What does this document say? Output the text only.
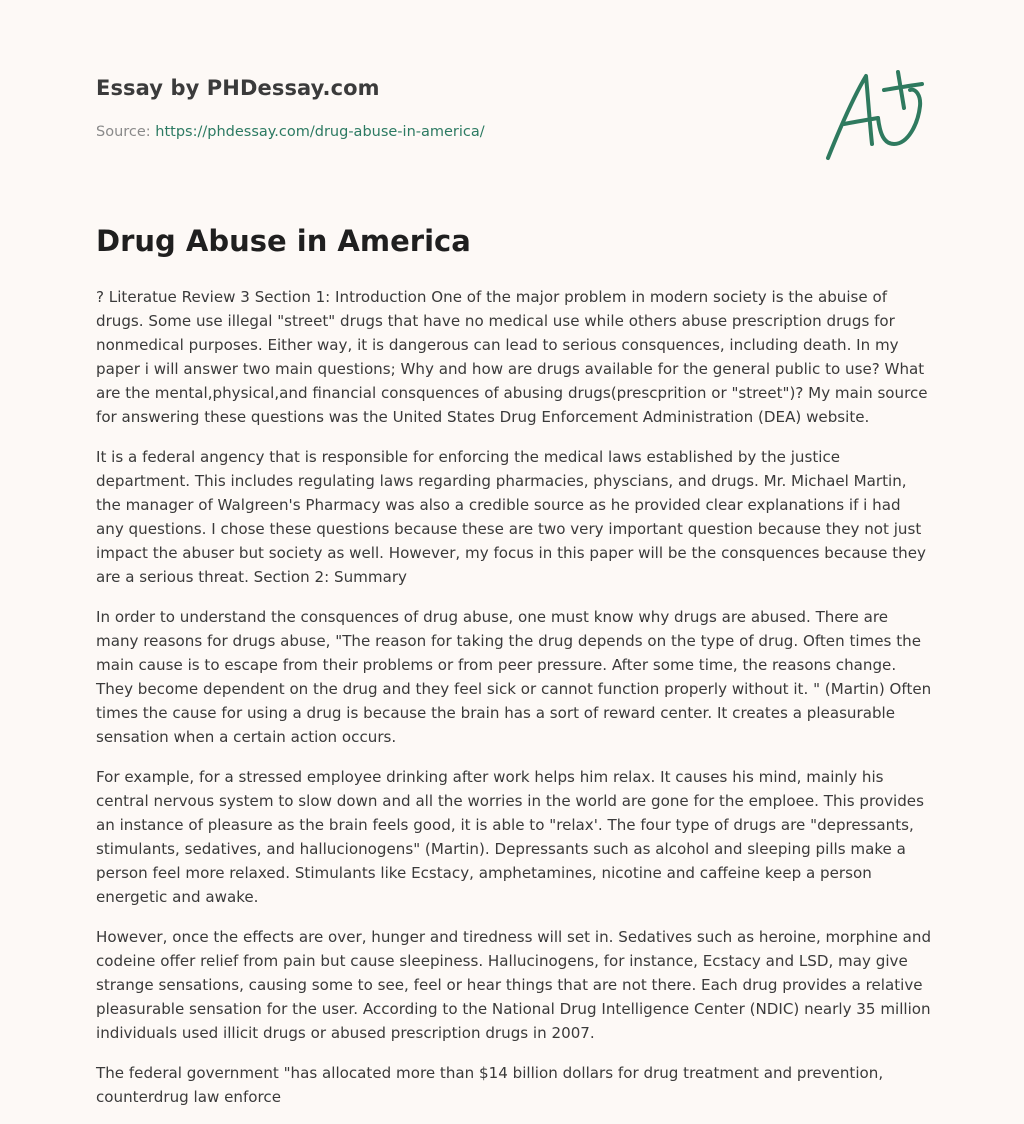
Essay by PHDessay.com
Source: https://phdessay.com/drug-abuse-in-america/
Drug Abuse in America

? Literatue Review 3 Section 1: Introduction One of the major problem in modern society is the abuise of drugs. Some use illegal "street" drugs that have no medical use while others abuse prescription drugs for nonmedical purposes. Either way, it is dangerous can lead to serious consquences, including death. In my paper i will answer two main questions; Why and how are drugs available for the general public to use? What are the mental,physical,and financial consquences of abusing drugs(prescprition or "street")? My main source for answering these questions was the United States Drug Enforcement Administration (DEA) website.

It is a federal angency that is responsible for enforcing the medical laws established by the justice department. This includes regulating laws regarding pharmacies, physcians, and drugs. Mr. Michael Martin, the manager of Walgreen's Pharmacy was also a credible source as he provided clear explanations if i had any questions. I chose these questions because these are two very important question because they not just impact the abuser but society as well. However, my focus in this paper will be the consquences because they are a serious threat. Section 2: Summary

In order to understand the consquences of drug abuse, one must know why drugs are abused. There are many reasons for drugs abuse, "The reason for taking the drug depends on the type of drug. Often times the main cause is to escape from their problems or from peer pressure. After some time, the reasons change. They become dependent on the drug and they feel sick or cannot function properly without it. " (Martin) Often times the cause for using a drug is because the brain has a sort of reward center. It creates a pleasurable sensation when a certain action occurs.

For example, for a stressed employee drinking after work helps him relax. It causes his mind, mainly his central nervous system to slow down and all the worries in the world are gone for the emploee. This provides an instance of pleasure as the brain feels good, it is able to "relax'. The four type of drugs are "depressants, stimulants, sedatives, and hallucionogens" (Martin). Depressants such as alcohol and sleeping pills make a person feel more relaxed. Stimulants like Ecstacy, amphetamines, nicotine and caffeine keep a person energetic and awake.

However, once the effects are over, hunger and tiredness will set in. Sedatives such as heroine, morphine and codeine offer relief from pain but cause sleepiness. Hallucinogens, for instance, Ecstacy and LSD, may give strange sensations, causing some to see, feel or hear things that are not there. Each drug provides a relative pleasurable sensation for the user. According to the National Drug Intelligence Center (NDIC) nearly 35 million individuals used illicit drugs or abused prescription drugs in 2007.

The federal government "has allocated more than $14 billion dollars for drug treatment and prevention, counterdrug law enforce
